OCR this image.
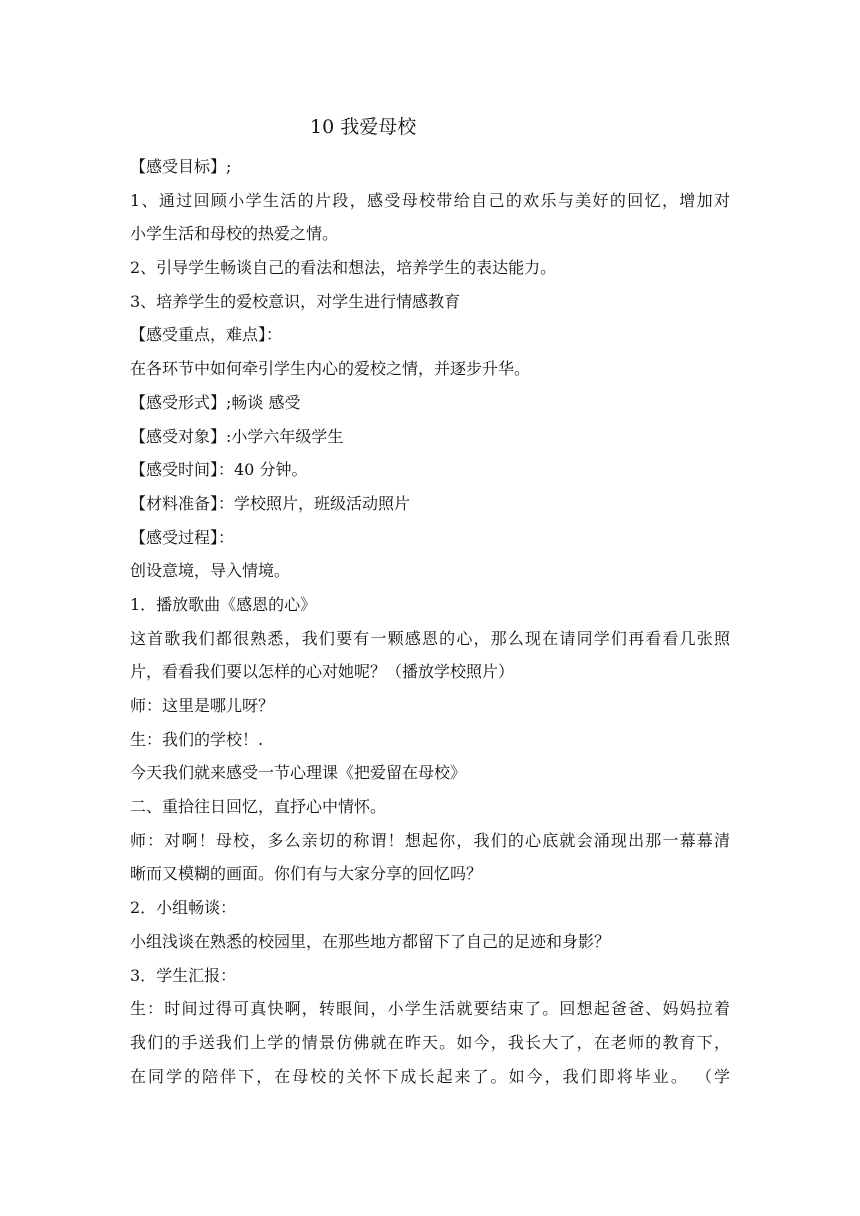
10 我爱母校
【感受目标】;
1、通过回顾小学生活的片段，感受母校带给自己的欢乐与美好的回忆，增加对
小学生活和母校的热爱之情。
2、引导学生畅谈自己的看法和想法，培养学生的表达能力。
3、培养学生的爱校意识，对学生进行情感教育
【感受重点，难点】：
在各环节中如何牵引学生内心的爱校之情，并逐步升华。
【感受形式】;畅谈 感受
【感受对象】:小学六年级学生
【感受时间】：40 分钟。
【材料准备】：学校照片，班级活动照片
【感受过程】：
创设意境，导入情境。
1．播放歌曲《感恩的心》
这首歌我们都很熟悉，我们要有一颗感恩的心，那么现在请同学们再看看几张照
片，看看我们要以怎样的心对她呢？（播放学校照片）
师：这里是哪儿呀？
生：我们的学校！.
今天我们就来感受一节心理课《把爱留在母校》
二、重拾往日回忆，直抒心中情怀。
师：对啊！母校，多么亲切的称谓！想起你，我们的心底就会涌现出那一幕幕清
晰而又模糊的画面。你们有与大家分享的回忆吗？
2．小组畅谈：
小组浅谈在熟悉的校园里，在那些地方都留下了自己的足迹和身影？
3．学生汇报：
生：时间过得可真快啊，转眼间，小学生活就要结束了。回想起爸爸、妈妈拉着
我们的手送我们上学的情景仿佛就在昨天。如今，我长大了，在老师的教育下，
在同学的陪伴下，在母校的关怀下成长起来了。如今，我们即将毕业。 （学
